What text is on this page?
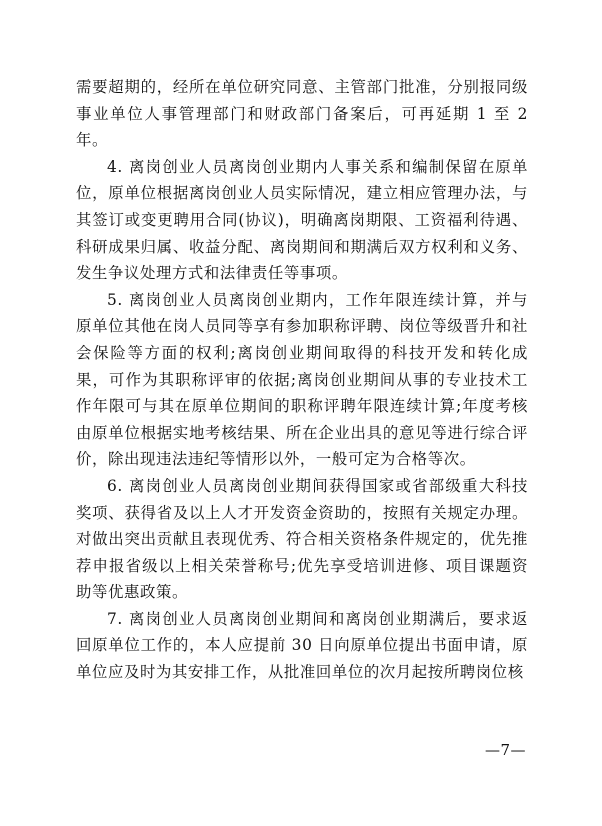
需要超期的，经所在单位研究同意、主管部门批准，分别报同级事业单位人事管理部门和财政部门备案后，可再延期 1 至 2 年。

4. 离岗创业人员离岗创业期内人事关系和编制保留在原单位，原单位根据离岗创业人员实际情况，建立相应管理办法，与其签订或变更聘用合同(协议)，明确离岗期限、工资福利待遇、科研成果归属、收益分配、离岗期间和期满后双方权利和义务、发生争议处理方式和法律责任等事项。

5. 离岗创业人员离岗创业期内，工作年限连续计算，并与原单位其他在岗人员同等享有参加职称评聘、岗位等级晋升和社会保险等方面的权利;离岗创业期间取得的科技开发和转化成果，可作为其职称评审的依据;离岗创业期间从事的专业技术工作年限可与其在原单位期间的职称评聘年限连续计算;年度考核由原单位根据实地考核结果、所在企业出具的意见等进行综合评价，除出现违法违纪等情形以外，一般可定为合格等次。

6. 离岗创业人员离岗创业期间获得国家或省部级重大科技奖项、获得省及以上人才开发资金资助的，按照有关规定办理。对做出突出贡献且表现优秀、符合相关资格条件规定的，优先推荐申报省级以上相关荣誉称号;优先享受培训进修、项目课题资助等优惠政策。

7. 离岗创业人员离岗创业期间和离岗创业期满后，要求返回原单位工作的，本人应提前 30 日向原单位提出书面申请，原单位应及时为其安排工作，从批准回单位的次月起按所聘岗位核

—7—
